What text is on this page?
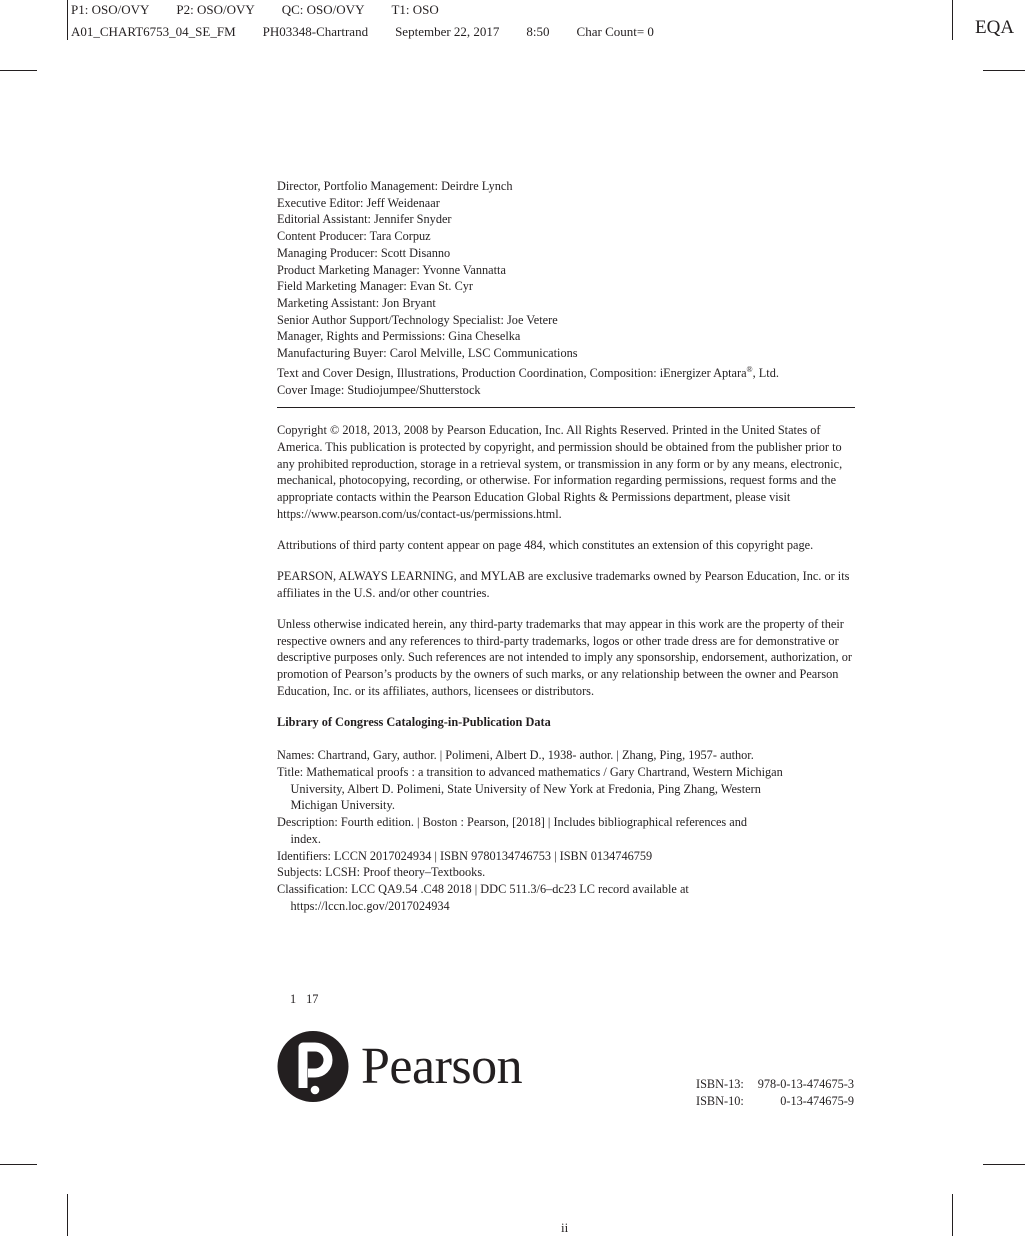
P1: OSO/OVY P2: OSO/OVY QC: OSO/OVY T1: OSO
A01_CHART6753_04_SE_FM PH03348-Chartrand September 22, 2017 8:50 Char Count= 0	EQA
Director, Portfolio Management: Deirdre Lynch
Executive Editor: Jeff Weidenaar
Editorial Assistant: Jennifer Snyder
Content Producer: Tara Corpuz
Managing Producer: Scott Disanno
Product Marketing Manager: Yvonne Vannatta
Field Marketing Manager: Evan St. Cyr
Marketing Assistant: Jon Bryant
Senior Author Support/Technology Specialist: Joe Vetere
Manager, Rights and Permissions: Gina Cheselka
Manufacturing Buyer: Carol Melville, LSC Communications
Text and Cover Design, Illustrations, Production Coordination, Composition: iEnergizer Aptara®, Ltd.
Cover Image: Studiojumpee/Shutterstock

Copyright © 2018, 2013, 2008 by Pearson Education, Inc. All Rights Reserved. Printed in the United States of America. This publication is protected by copyright, and permission should be obtained from the publisher prior to any prohibited reproduction, storage in a retrieval system, or transmission in any form or by any means, electronic, mechanical, photocopying, recording, or otherwise. For information regarding permissions, request forms and the appropriate contacts within the Pearson Education Global Rights & Permissions department, please visit https://www.pearson.com/us/contact-us/permissions.html.

Attributions of third party content appear on page 484, which constitutes an extension of this copyright page.

PEARSON, ALWAYS LEARNING, and MYLAB are exclusive trademarks owned by Pearson Education, Inc. or its affiliates in the U.S. and/or other countries.

Unless otherwise indicated herein, any third-party trademarks that may appear in this work are the property of their respective owners and any references to third-party trademarks, logos or other trade dress are for demonstrative or descriptive purposes only. Such references are not intended to imply any sponsorship, endorsement, authorization, or promotion of Pearson’s products by the owners of such marks, or any relationship between the owner and Pearson Education, Inc. or its affiliates, authors, licensees or distributors.

Library of Congress Cataloging-in-Publication Data
Names: Chartrand, Gary, author. | Polimeni, Albert D., 1938- author. | Zhang, Ping, 1957- author.
Title: Mathematical proofs : a transition to advanced mathematics / Gary Chartrand, Western Michigan University, Albert D. Polimeni, State University of New York at Fredonia, Ping Zhang, Western Michigan University.
Description: Fourth edition. | Boston : Pearson, [2018] | Includes bibliographical references and index.
Identifiers: LCCN 2017024934 | ISBN 9780134746753 | ISBN 0134746759
Subjects: LCSH: Proof theory–Textbooks.
Classification: LCC QA9.54 .C48 2018 | DDC 511.3/6–dc23 LC record available at https://lccn.loc.gov/2017024934
1 17
Pearson	ISBN-13: 978-0-13-474675-3
ISBN-10:	0-13-474675-9
ii
